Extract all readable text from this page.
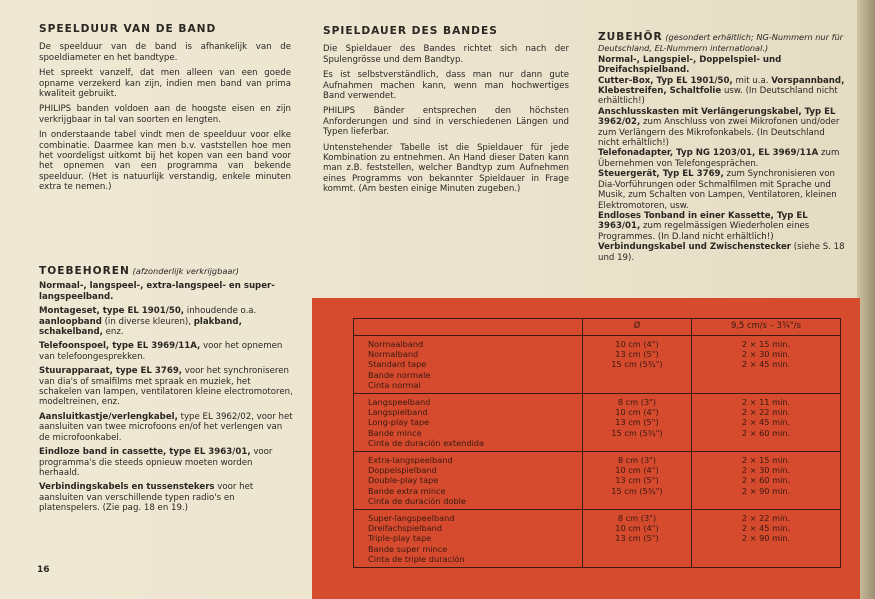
SPEELDUUR VAN DE BAND

De speelduur van de band is afhankelijk van de spoeldiameter en het bandtype.

Het spreekt vanzelf, dat men alleen van een goede opname verzekerd kan zijn, indien men band van prima kwaliteit gebruikt.

PHILIPS banden voldoen aan de hoogste eisen en zijn verkrijgbaar in tal van soorten en lengten.

In onderstaande tabel vindt men de speelduur voor elke combinatie. Daarmee kan men b.v. vaststellen hoe men het voordeligst uitkomt bij het kopen van een band voor het opnemen van een programma van bekende speelduur. (Het is natuurlijk verstandig, enkele minuten extra te nemen.)

SPIELDAUER DES BANDES

Die Spieldauer des Bandes richtet sich nach der Spulengrösse und dem Bandtyp.

Es ist selbstverständlich, dass man nur dann gute Aufnahmen machen kann, wenn man hochwertiges Band verwendet.

PHILIPS Bänder entsprechen den höchsten Anforderungen und sind in verschiedenen Längen und Typen lieferbar.

Untenstehender Tabelle ist die Spieldauer für jede Kombination zu entnehmen. An Hand dieser Daten kann man z.B. feststellen, welcher Bandtyp zum Aufnehmen eines Programms von bekannter Spieldauer in Frage kommt. (Am besten einige Minuten zugeben.)

ZUBEHÖR (gesondert erhältlich; NG-Nummern nur für Deutschland, EL-Nummern international.)
Normal-, Langspiel-, Doppelspiel- und Dreifachspielband.
Cutter-Box, Typ EL 1901/50, mit u.a. Vorspannband, Klebestreifen, Schaltfolie usw. (In Deutschland nicht erhältlich!)
Anschlusskasten mit Verlängerungskabel, Typ EL 3962/02, zum Anschluss von zwei Mikrofonen und/oder zum Verlängern des Mikrofonkabels. (In Deutschland nicht erhältlich!)
Telefonadapter, Typ NG 1203/01, EL 3969/11A zum Übernehmen von Telefongesprächen.
Steuergerät, Typ EL 3769, zum Synchronisieren von Dia-Vorführungen oder Schmalfilmen mit Sprache und Musik, zum Schalten von Lampen, Ventilatoren, kleinen Elektromotoren, usw.
Endloses Tonband in einer Kassette, Typ EL 3963/01, zum regelmässigen Wiederholen eines Programmes. (In D.land nicht erhältlich!)
Verbindungskabel und Zwischenstecker (siehe S. 18 und 19).
TOEBEHOREN (afzonderlijk verkrijgbaar)

Normaal-, langspeel-, extra-langspeel- en super-langspeelband.

Montageset, type EL 1901/50, inhoudende o.a. aanloopband (in diverse kleuren), plakband, schakelband, enz.

Telefoonspoel, type EL 3969/11A, voor het opnemen van telefoongesprekken.

Stuurapparaat, type EL 3769, voor het synchroniseren van dia's of smalfilms met spraak en muziek, het schakelen van lampen, ventilatoren kleine electromotoren, modeltreinen, enz.

Aansluitkastje/verlengkabel, type EL 3962/02, voor het aansluiten van twee microfoons en/of het verlengen van de microfoonkabel.

Eindloze band in cassette, type EL 3963/01, voor programma's die steeds opnieuw moeten worden herhaald.

Verbindingskabels en tussenstekers voor het aansluiten van verschillende typen radio's en platenspelers. (Zie pag. 18 en 19.)

16
	Ø	9,5 cm/s – 3¾"/s

Normaalband
Normalband
Standard tape
Bande normale
Cinta normal	10 cm (4")
13 cm (5")
15 cm (5¾")	2 × 15 min.
2 × 30 min.
2 × 45 min.

Langspeelband
Langspielband
Long-play tape
Bande mince
Cinta de duración extendida	8 cm (3")
10 cm (4")
13 cm (5")
15 cm (5¾")	2 × 11 min.
2 × 22 min.
2 × 45 min.
2 × 60 min.

Extra-langspeelband
Doppelspielband
Double-play tape
Bande extra mince
Cinta de duración doble	8 cm (3")
10 cm (4")
13 cm (5")
15 cm (5¾")	2 × 15 min.
2 × 30 min.
2 × 60 min.
2 × 90 min.

Super-langspeelband
Dreifachspielband
Triple-play tape
Bande super mince
Cinta de triple duración	8 cm (3")
10 cm (4")
13 cm (5")	2 × 22 min.
2 × 45 min.
2 × 90 min.
